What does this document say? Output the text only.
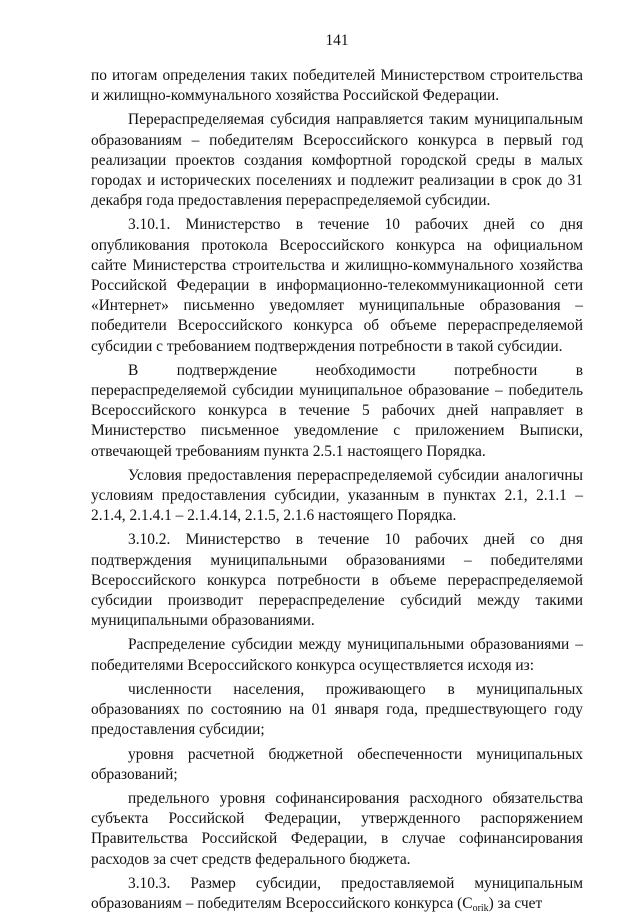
141

по итогам определения таких победителей Министерством строительства и жилищно-коммунального хозяйства Российской Федерации.

Перераспределяемая субсидия направляется таким муниципальным образованиям – победителям Всероссийского конкурса в первый год реализации проектов создания комфортной городской среды в малых городах и исторических поселениях и подлежит реализации в срок до 31 декабря года предоставления перераспределяемой субсидии.

3.10.1. Министерство в течение 10 рабочих дней со дня опубликования протокола Всероссийского конкурса на официальном сайте Министерства строительства и жилищно-коммунального хозяйства Российской Федерации в информационно-телекоммуникационной сети «Интернет» письменно уведомляет муниципальные образования – победители Всероссийского конкурса об объеме перераспределяемой субсидии с требованием подтверждения потребности в такой субсидии.

В подтверждение необходимости потребности в перераспределяемой субсидии муниципальное образование – победитель Всероссийского конкурса в течение 5 рабочих дней направляет в Министерство письменное уведомление с приложением Выписки, отвечающей требованиям пункта 2.5.1 настоящего Порядка.

Условия предоставления перераспределяемой субсидии аналогичны условиям предоставления субсидии, указанным в пунктах 2.1, 2.1.1 – 2.1.4, 2.1.4.1 – 2.1.4.14, 2.1.5, 2.1.6 настоящего Порядка.

3.10.2. Министерство в течение 10 рабочих дней со дня подтверждения муниципальными образованиями – победителями Всероссийского конкурса потребности в объеме перераспределяемой субсидии производит перераспределение субсидий между такими муниципальными образованиями.

Распределение субсидии между муниципальными образованиями – победителями Всероссийского конкурса осуществляется исходя из:

численности населения, проживающего в муниципальных образованиях по состоянию на 01 января года, предшествующего году предоставления субсидии;

уровня расчетной бюджетной обеспеченности муниципальных образований;

предельного уровня софинансирования расходного обязательства субъекта Российской Федерации, утвержденного распоряжением Правительства Российской Федерации, в случае софинансирования расходов за счет средств федерального бюджета.

3.10.3. Размер субсидии, предоставляемой муниципальным образованиям – победителям Всероссийского конкурса $(C_{orik})$ за счет
